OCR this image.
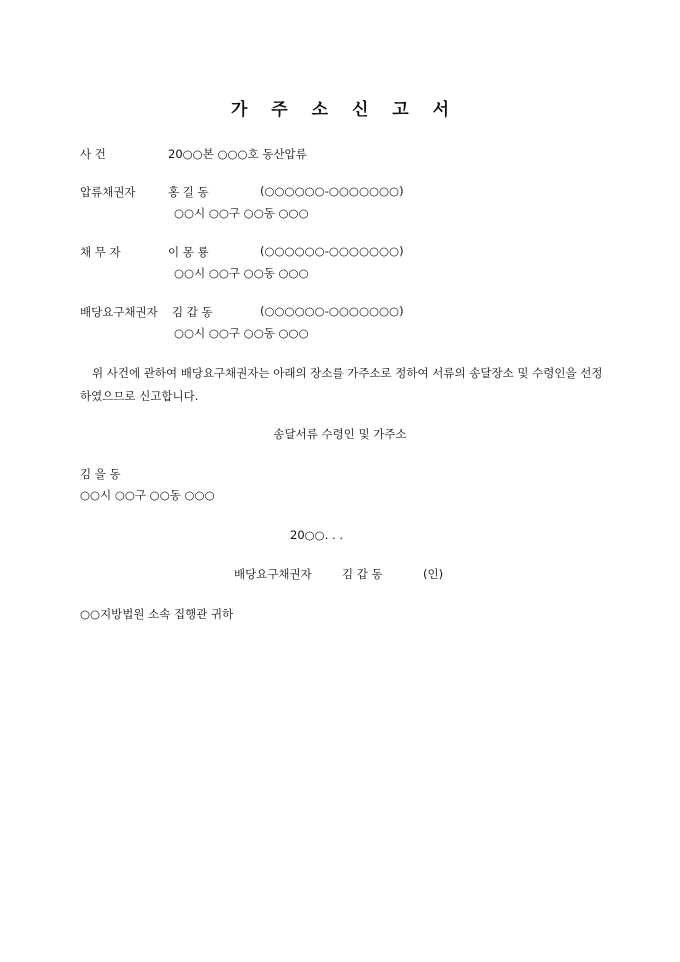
가 주 소 신 고 서
사 건	20○○본 ○○○호 동산압류
압류채권자	홍 길 동	(○○○○○○-○○○○○○○)
○○시 ○○구 ○○동 ○○○
채 무 자	이 몽 룡	(○○○○○○-○○○○○○○)
○○시 ○○구 ○○동 ○○○
배당요구채권자 김 갑 동	(○○○○○○-○○○○○○○)
○○시 ○○구 ○○동 ○○○
위 사건에 관하여 배당요구채권자는 아래의 장소를 가주소로 정하여 서류의 송달장소 및 수령인을 선정하였으므로 신고합니다.
송달서류 수령인 및 가주소
김 을 동
○○시 ○○구 ○○동 ○○○
20○○. . .
배당요구채권자	김 갑 동	(인)
○○지방법원 소속 집행관 귀하
